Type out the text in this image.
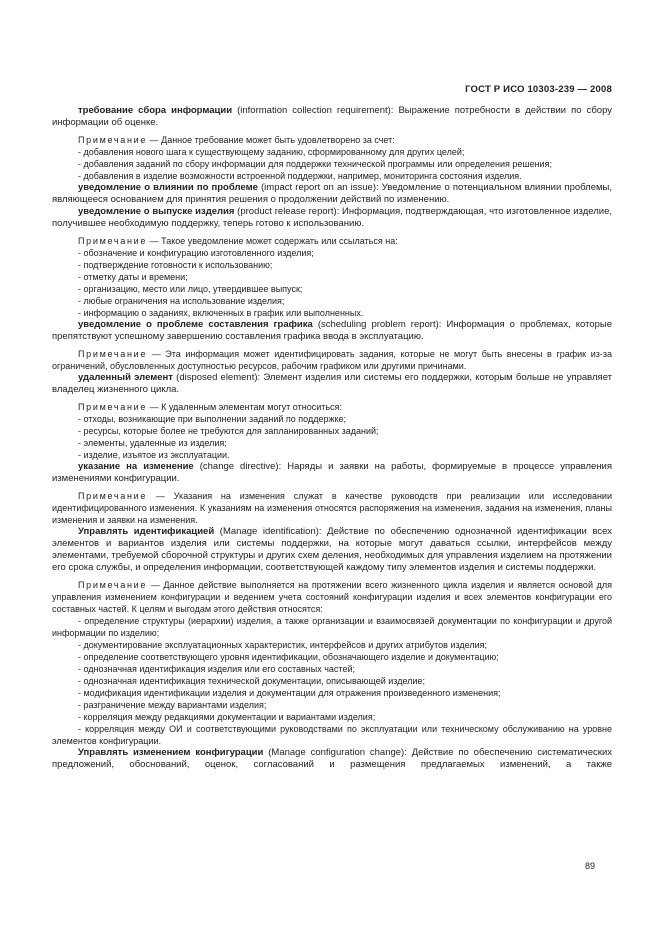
ГОСТ Р ИСО 10303-239 — 2008

требование сбора информации (information collection requirement): Выражение потребности в действии по сбору информации об оценке.

Примечание — Данное требование может быть удовлетворено за счет:

- добавления нового шага к существующему заданию, сформированному для других целей;

- добавления заданий по сбору информации для поддержки технической программы или определения решения;

- добавления в изделие возможности встроенной поддержки, например, мониторинга состояния изделия.

уведомление о влиянии по проблеме (impact report on an issue): Уведомление о потенциальном влиянии проблемы, являющееся основанием для принятия решения о продолжении действий по изменению.

уведомление о выпуске изделия (product release report): Информация, подтверждающая, что изготовленное изделие, получившее необходимую поддержку, теперь готово к использованию.

Примечание — Такое уведомление может содержать или ссылаться на:

- обозначение и конфигурацию изготовленного изделия;

- подтверждение готовности к использованию;

- отметку даты и времени;

- организацию, место или лицо, утвердившее выпуск;

- любые ограничения на использование изделия;

- информацию о заданиях, включенных в график или выполненных.

уведомление о проблеме составления графика (scheduling problem report): Информация о проблемах, которые препятствуют успешному завершению составления графика ввода в эксплуатацию.

Примечание — Эта информация может идентифицировать задания, которые не могут быть внесены в график из-за ограничений, обусловленных доступностью ресурсов, рабочим графиком или другими причинами.

удаленный элемент (disposed element): Элемент изделия или системы его поддержки, которым больше не управляет владелец жизненного цикла.

Примечание — К удаленным элементам могут относиться:

- отходы, возникающие при выполнении заданий по поддержке;

- ресурсы, которые более не требуются для запланированных заданий;

- элементы, удаленные из изделия;

- изделие, изъятое из эксплуатации.

указание на изменение (change directive): Наряды и заявки на работы, формируемые в процессе управления изменениями конфигурации.

Примечание — Указания на изменения служат в качестве руководств при реализации или исследовании идентифицированного изменения. К указаниям на изменения относятся распоряжения на изменения, задания на изменения, планы изменения и заявки на изменения.

Управлять идентификацией (Manage identification): Действие по обеспечению однозначной идентификации всех элементов и вариантов изделия или системы поддержки, на которые могут даваться ссылки, интерфейсов между элементами, требуемой сборочной структуры и других схем деления, необходимых для управления изделием на протяжении его срока службы, и определения информации, соответствующей каждому типу элементов изделия и системы поддержки.

Примечание — Данное действие выполняется на протяжении всего жизненного цикла изделия и является основой для управления изменением конфигурации и ведением учета состояний конфигурации изделия и всех элементов конфигурации его составных частей. К целям и выгодам этого действия относятся:

- определение структуры (иерархии) изделия, а также организации и взаимосвязей документации по конфигурации и другой информации по изделию;

- документирование эксплуатационных характеристик, интерфейсов и других атрибутов изделия;

- определение соответствующего уровня идентификации, обозначающего изделие и документацию;

- однозначная идентификация изделия или его составных частей;

- однозначная идентификация технической документации, описывающей изделие;

- модификация идентификации изделия и документации для отражения произведенного изменения;

- разграничение между вариантами изделия;

- корреляция между редакциями документации и вариантами изделия;

- корреляция между ОИ и соответствующими руководствами по эксплуатации или техническому обслуживанию на уровне элементов конфигурации.

Управлять изменением конфигурации (Manage configuration change): Действие по обеспечению систематических предложений, обоснований, оценок, согласований и размещения предлагаемых изменений, а также

89
